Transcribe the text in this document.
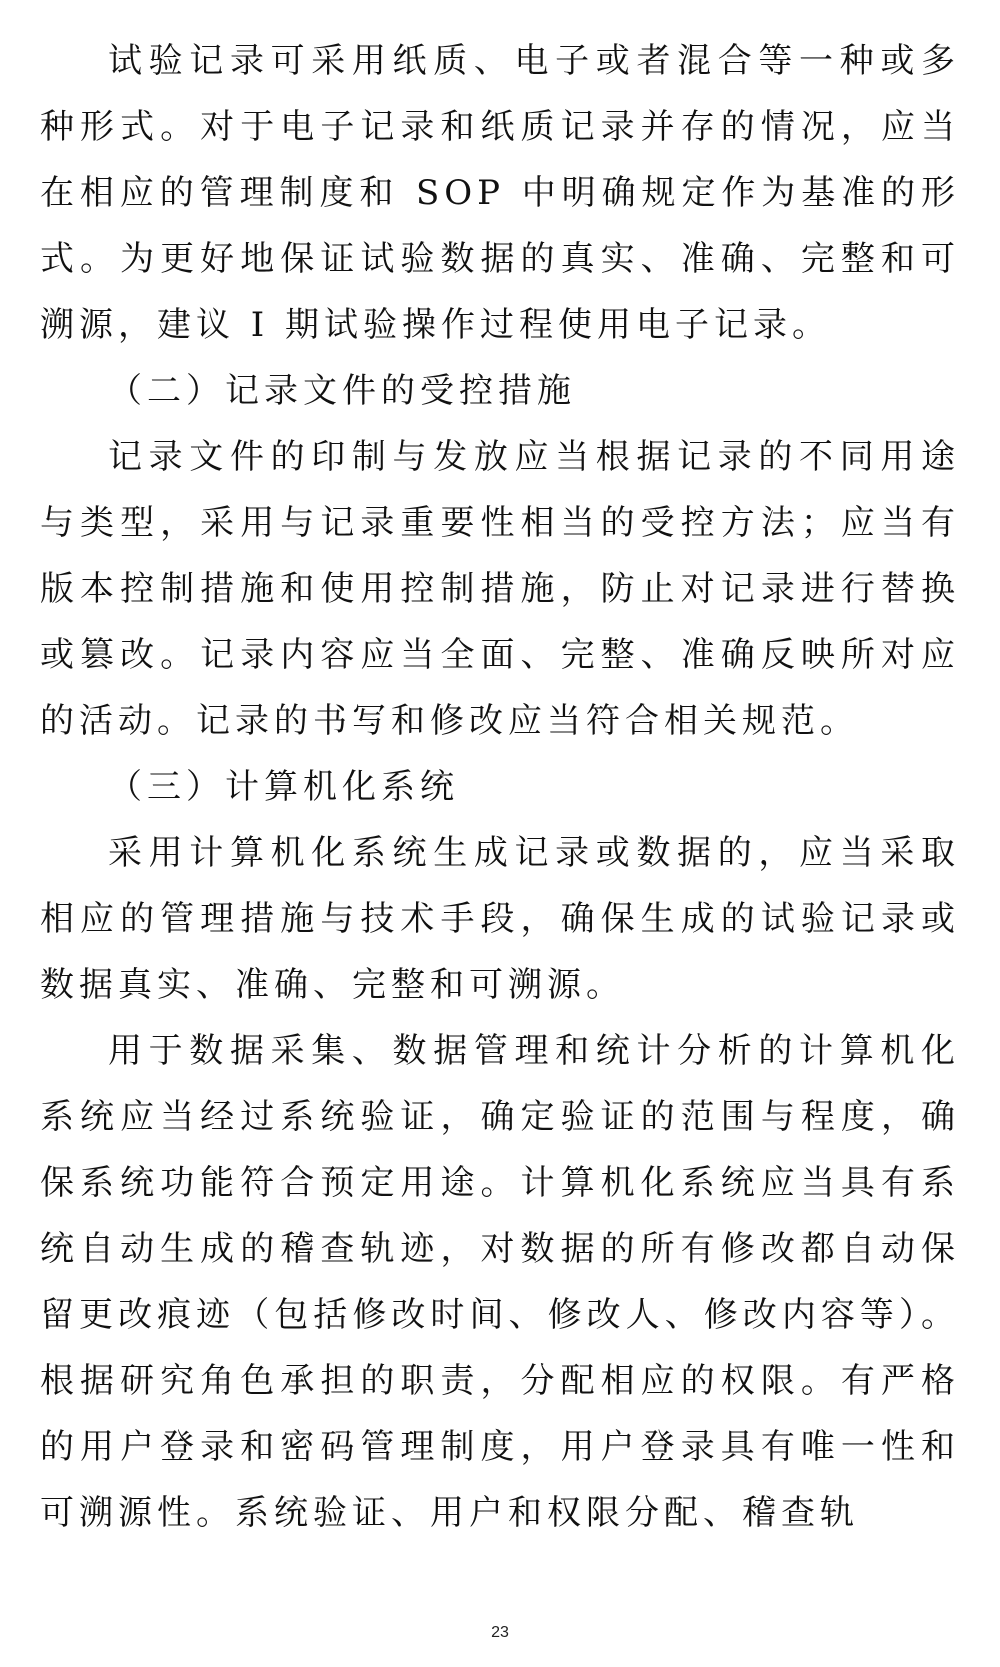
试验记录可采用纸质、电子或者混合等一种或多种形式。对于电子记录和纸质记录并存的情况，应当在相应的管理制度和 SOP 中明确规定作为基准的形式。为更好地保证试验数据的真实、准确、完整和可溯源，建议 I 期试验操作过程使用电子记录。

（二）记录文件的受控措施

记录文件的印制与发放应当根据记录的不同用途与类型，采用与记录重要性相当的受控方法；应当有版本控制措施和使用控制措施，防止对记录进行替换或篡改。记录内容应当全面、完整、准确反映所对应的活动。记录的书写和修改应当符合相关规范。

（三）计算机化系统

采用计算机化系统生成记录或数据的，应当采取相应的管理措施与技术手段，确保生成的试验记录或数据真实、准确、完整和可溯源。

用于数据采集、数据管理和统计分析的计算机化系统应当经过系统验证，确定验证的范围与程度，确保系统功能符合预定用途。计算机化系统应当具有系统自动生成的稽查轨迹，对数据的所有修改都自动保留更改痕迹（包括修改时间、修改人、修改内容等）。根据研究角色承担的职责，分配相应的权限。有严格的用户登录和密码管理制度，用户登录具有唯一性和可溯源性。系统验证、用户和权限分配、稽查轨

23
